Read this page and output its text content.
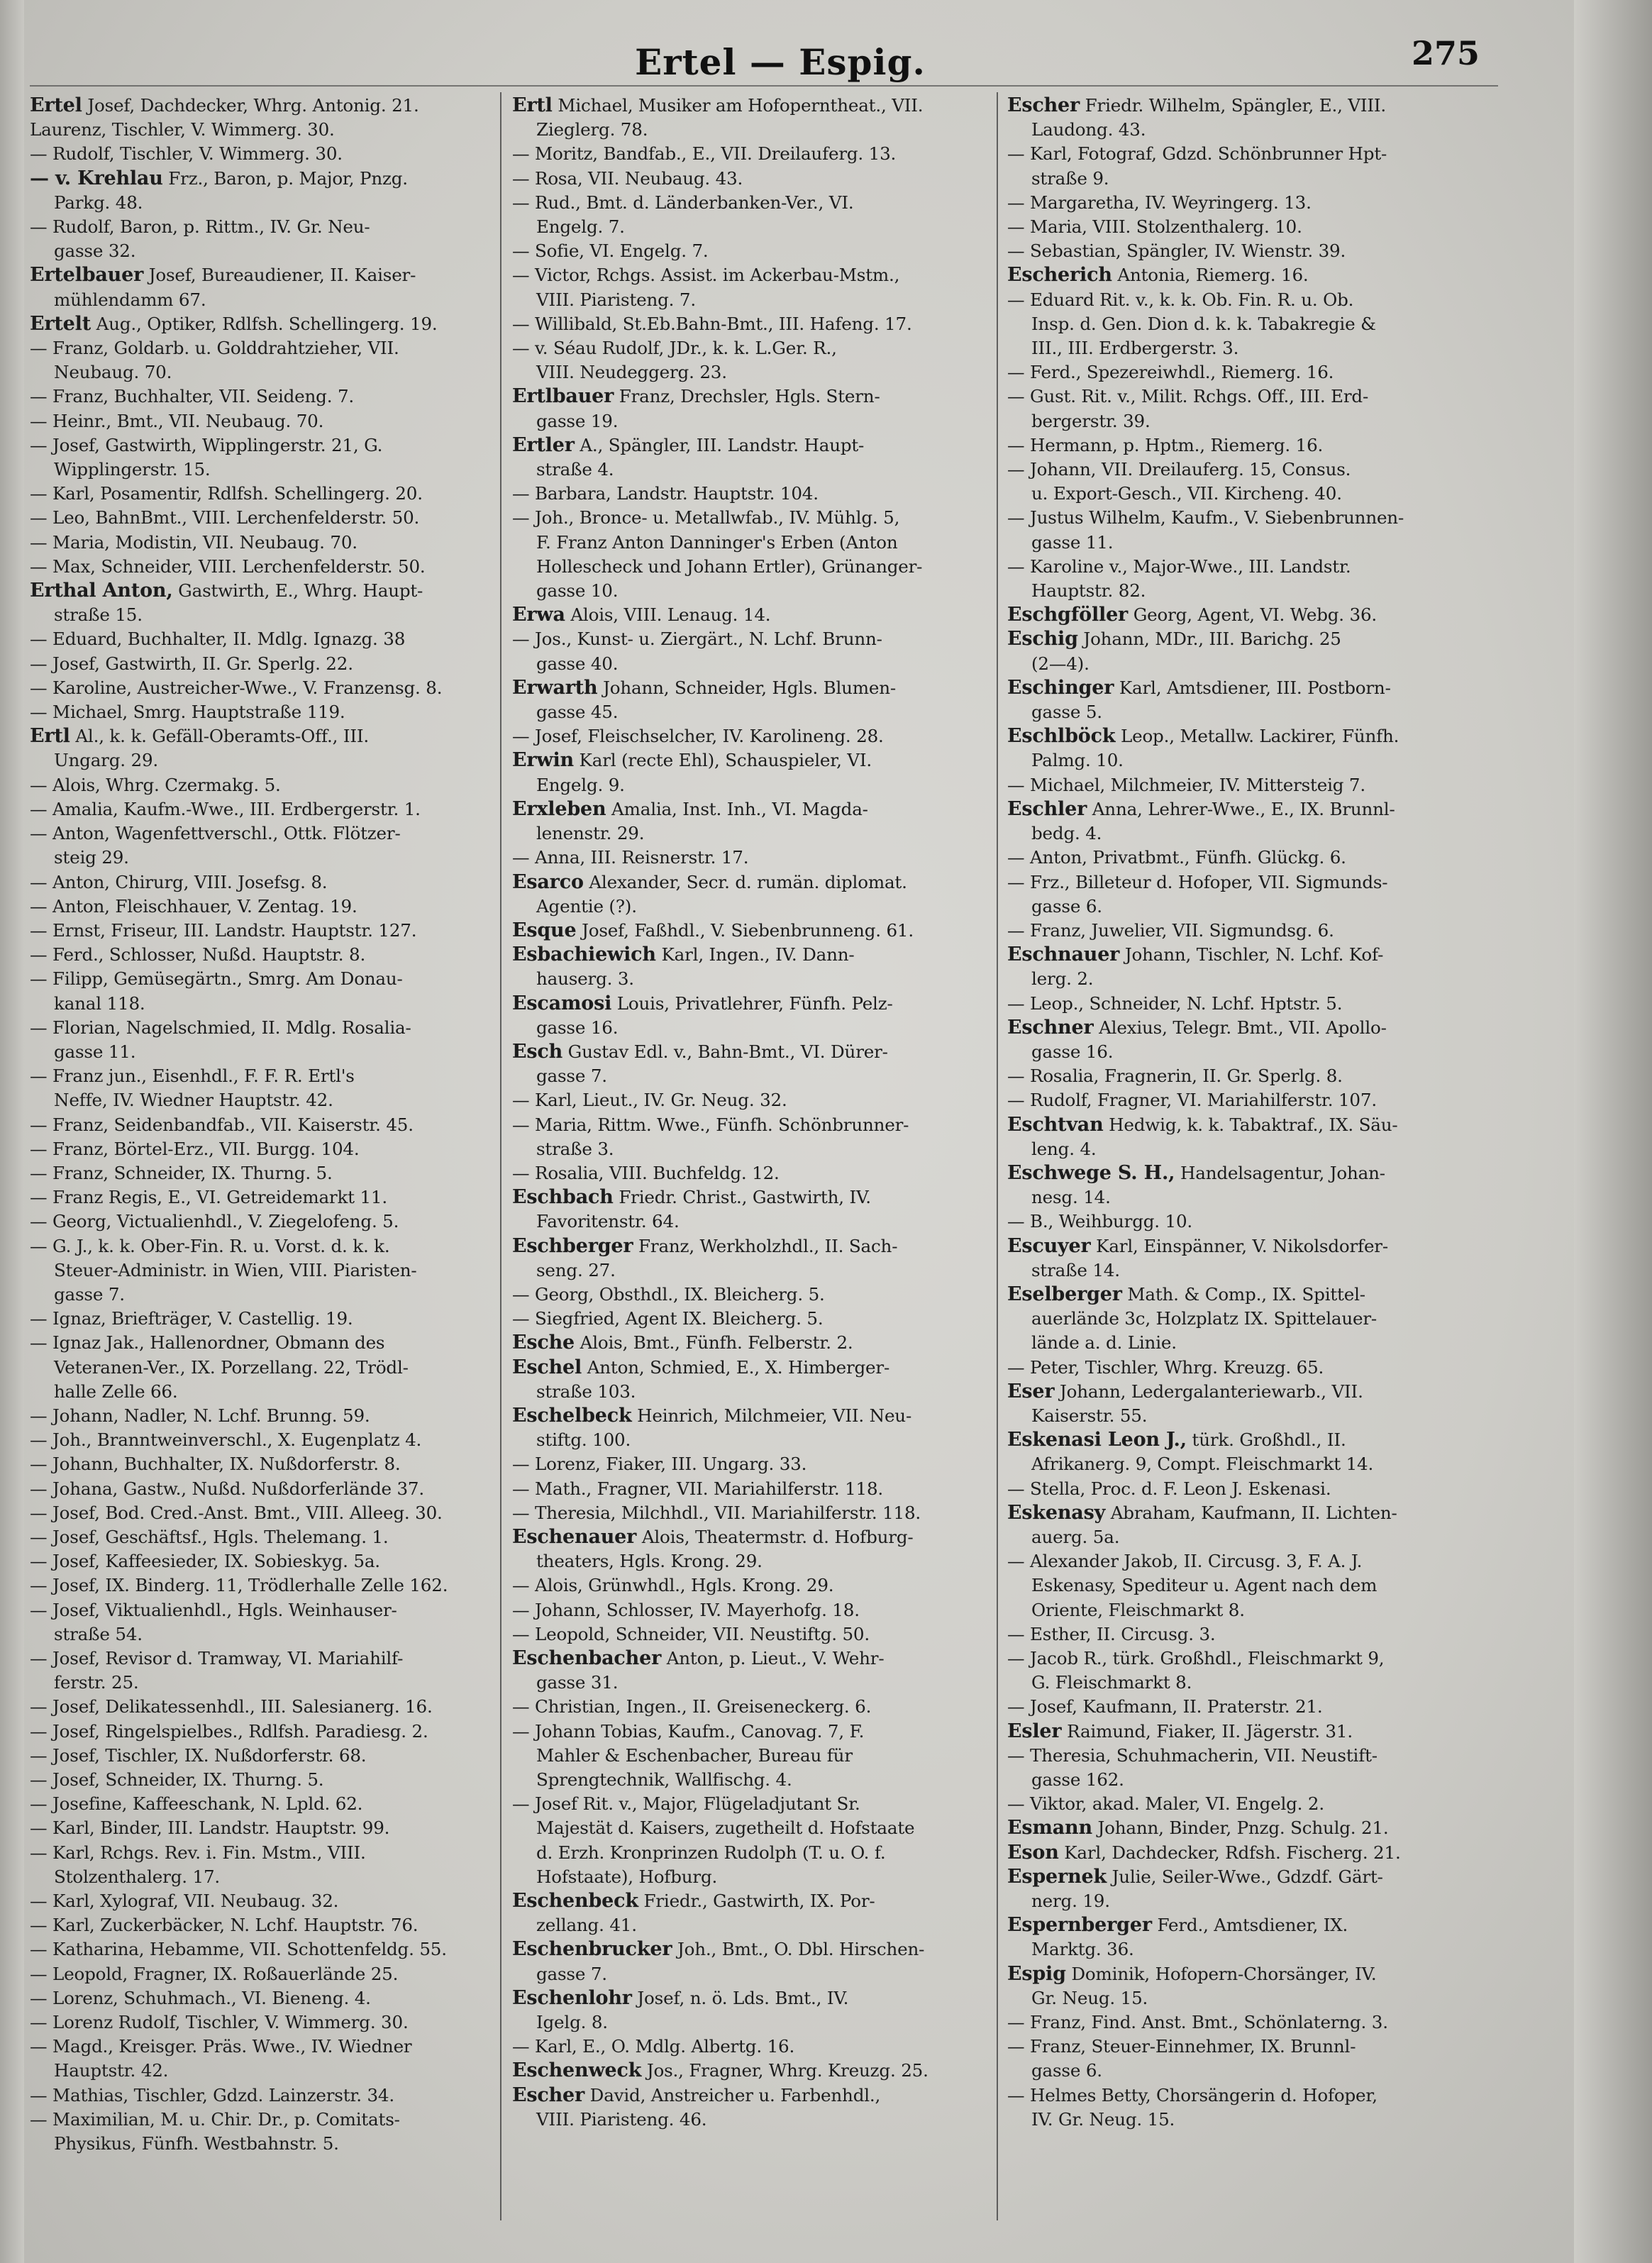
Ertel — Espig.	275
Ertel Josef, Dachdecker, Whrg. Antonig. 21.
Laurenz, Tischler, V. Wimmerg. 30.
— Rudolf, Tischler, V. Wimmerg. 30.
— v. Krehlau Frz., Baron, p. Major, Pnzg.
Parkg. 48.
— Rudolf, Baron, p. Rittm., IV. Gr. Neu-
gasse 32.
Ertelbauer Josef, Bureaudiener, II. Kaiser-
mühlendamm 67.
Ertelt Aug., Optiker, Rdlfsh. Schellingerg. 19.
— Franz, Goldarb. u. Golddrahtzieher, VII.
Neubaug. 70.
— Franz, Buchhalter, VII. Seideng. 7.
— Heinr., Bmt., VII. Neubaug. 70.
— Josef, Gastwirth, Wipplingerstr. 21, G.
Wipplingerstr. 15.
— Karl, Posamentir, Rdlfsh. Schellingerg. 20.
— Leo, BahnBmt., VIII. Lerchenfelderstr. 50.
— Maria, Modistin, VII. Neubaug. 70.
— Max, Schneider, VIII. Lerchenfelderstr. 50.
Erthal Anton, Gastwirth, E., Whrg. Haupt-
straße 15.
— Eduard, Buchhalter, II. Mdlg. Ignazg. 38
— Josef, Gastwirth, II. Gr. Sperlg. 22.
— Karoline, Austreicher-Wwe., V. Franzensg. 8.
— Michael, Smrg. Hauptstraße 119.
Ertl Al., k. k. Gefäll-Oberamts-Off., III.
Ungarg. 29.
— Alois, Whrg. Czermakg. 5.
— Amalia, Kaufm.-Wwe., III. Erdbergerstr. 1.
— Anton, Wagenfettverschl., Ottk. Flötzer-
steig 29.
— Anton, Chirurg, VIII. Josefsg. 8.
— Anton, Fleischhauer, V. Zentag. 19.
— Ernst, Friseur, III. Landstr. Hauptstr. 127.
— Ferd., Schlosser, Nußd. Hauptstr. 8.
— Filipp, Gemüsegärtn., Smrg. Am Donau-
kanal 118.
— Florian, Nagelschmied, II. Mdlg. Rosalia-
gasse 11.
— Franz jun., Eisenhdl., F. F. R. Ertl's
Neffe, IV. Wiedner Hauptstr. 42.
— Franz, Seidenbandfab., VII. Kaiserstr. 45.
— Franz, Börtel-Erz., VII. Burgg. 104.
— Franz, Schneider, IX. Thurng. 5.
— Franz Regis, E., VI. Getreidemarkt 11.
— Georg, Victualienhdl., V. Ziegelofeng. 5.
— G. J., k. k. Ober-Fin. R. u. Vorst. d. k. k.
Steuer-Administr. in Wien, VIII. Piaristen-
gasse 7.
— Ignaz, Briefträger, V. Castellig. 19.
— Ignaz Jak., Hallenordner, Obmann des
Veteranen-Ver., IX. Porzellang. 22, Trödl-
halle Zelle 66.
— Johann, Nadler, N. Lchf. Brunng. 59.
— Joh., Branntweinverschl., X. Eugenplatz 4.
— Johann, Buchhalter, IX. Nußdorferstr. 8.
— Johana, Gastw., Nußd. Nußdorferlände 37.
— Josef, Bod. Cred.-Anst. Bmt., VIII. Alleeg. 30.
— Josef, Geschäftsf., Hgls. Thelemang. 1.
— Josef, Kaffeesieder, IX. Sobieskyg. 5a.
— Josef, IX. Binderg. 11, Trödlerhalle Zelle 162.
— Josef, Viktualienhdl., Hgls. Weinhauser-
straße 54.
— Josef, Revisor d. Tramway, VI. Mariahilf-
ferstr. 25.
— Josef, Delikatessenhdl., III. Salesianerg. 16.
— Josef, Ringelspielbes., Rdlfsh. Paradiesg. 2.
— Josef, Tischler, IX. Nußdorferstr. 68.
— Josef, Schneider, IX. Thurng. 5.
— Josefine, Kaffeeschank, N. Lpld. 62.
— Karl, Binder, III. Landstr. Hauptstr. 99.
— Karl, Rchgs. Rev. i. Fin. Mstm., VIII.
Stolzenthalerg. 17.
— Karl, Xylograf, VII. Neubaug. 32.
— Karl, Zuckerbäcker, N. Lchf. Hauptstr. 76.
— Katharina, Hebamme, VII. Schottenfeldg. 55.
— Leopold, Fragner, IX. Roßauerlände 25.
— Lorenz, Schuhmach., VI. Bieneng. 4.
— Lorenz Rudolf, Tischler, V. Wimmerg. 30.
— Magd., Kreisger. Präs. Wwe., IV. Wiedner
Hauptstr. 42.
— Mathias, Tischler, Gdzd. Lainzerstr. 34.
— Maximilian, M. u. Chir. Dr., p. Comitats-
Physikus, Fünfh. Westbahnstr. 5.
Ertl Michael, Musiker am Hofoperntheat., VII.
Zieglerg. 78.
— Moritz, Bandfab., E., VII. Dreilauferg. 13.
— Rosa, VII. Neubaug. 43.
— Rud., Bmt. d. Länderbanken-Ver., VI.
Engelg. 7.
— Sofie, VI. Engelg. 7.
— Victor, Rchgs. Assist. im Ackerbau-Mstm.,
VIII. Piaristeng. 7.
— Willibald, St.Eb.Bahn-Bmt., III. Hafeng. 17.
— v. Séau Rudolf, JDr., k. k. L.Ger. R.,
VIII. Neudeggerg. 23.
Ertlbauer Franz, Drechsler, Hgls. Stern-
gasse 19.
Ertler A., Spängler, III. Landstr. Haupt-
straße 4.
— Barbara, Landstr. Hauptstr. 104.
— Joh., Bronce- u. Metallwfab., IV. Mühlg. 5,
F. Franz Anton Danninger's Erben (Anton
Hollescheck und Johann Ertler), Grünanger-
gasse 10.
Erwa Alois, VIII. Lenaug. 14.
— Jos., Kunst- u. Ziergärt., N. Lchf. Brunn-
gasse 40.
Erwarth Johann, Schneider, Hgls. Blumen-
gasse 45.
— Josef, Fleischselcher, IV. Karolineng. 28.
Erwin Karl (recte Ehl), Schauspieler, VI.
Engelg. 9.
Erxleben Amalia, Inst. Inh., VI. Magda-
lenenstr. 29.
— Anna, III. Reisnerstr. 17.
Esarco Alexander, Secr. d. rumän. diplomat.
Agentie (?).
Esque Josef, Faßhdl., V. Siebenbrunneng. 61.
Esbachiewich Karl, Ingen., IV. Dann-
hauserg. 3.
Escamosi Louis, Privatlehrer, Fünfh. Pelz-
gasse 16.
Esch Gustav Edl. v., Bahn-Bmt., VI. Dürer-
gasse 7.
— Karl, Lieut., IV. Gr. Neug. 32.
— Maria, Rittm. Wwe., Fünfh. Schönbrunner-
straße 3.
— Rosalia, VIII. Buchfeldg. 12.
Eschbach Friedr. Christ., Gastwirth, IV.
Favoritenstr. 64.
Eschberger Franz, Werkholzhdl., II. Sach-
seng. 27.
— Georg, Obsthdl., IX. Bleicherg. 5.
— Siegfried, Agent IX. Bleicherg. 5.
Esche Alois, Bmt., Fünfh. Felberstr. 2.
Eschel Anton, Schmied, E., X. Himberger-
straße 103.
Eschelbeck Heinrich, Milchmeier, VII. Neu-
stiftg. 100.
— Lorenz, Fiaker, III. Ungarg. 33.
— Math., Fragner, VII. Mariahilferstr. 118.
— Theresia, Milchhdl., VII. Mariahilferstr. 118.
Eschenauer Alois, Theatermstr. d. Hofburg-
theaters, Hgls. Krong. 29.
— Alois, Grünwhdl., Hgls. Krong. 29.
— Johann, Schlosser, IV. Mayerhofg. 18.
— Leopold, Schneider, VII. Neustiftg. 50.
Eschenbacher Anton, p. Lieut., V. Wehr-
gasse 31.
— Christian, Ingen., II. Greiseneckerg. 6.
— Johann Tobias, Kaufm., Canovag. 7, F.
Mahler & Eschenbacher, Bureau für
Sprengtechnik, Wallfischg. 4.
— Josef Rit. v., Major, Flügeladjutant Sr.
Majestät d. Kaisers, zugetheilt d. Hofstaate
d. Erzh. Kronprinzen Rudolph (T. u. O. f.
Hofstaate), Hofburg.
Eschenbeck Friedr., Gastwirth, IX. Por-
zellang. 41.
Eschenbrucker Joh., Bmt., O. Dbl. Hirschen-
gasse 7.
Eschenlohr Josef, n. ö. Lds. Bmt., IV.
Igelg. 8.
— Karl, E., O. Mdlg. Albertg. 16.
Eschenweck Jos., Fragner, Whrg. Kreuzg. 25.
Escher David, Anstreicher u. Farbenhdl.,
VIII. Piaristeng. 46.
Escher Friedr. Wilhelm, Spängler, E., VIII.
Laudong. 43.
— Karl, Fotograf, Gdzd. Schönbrunner Hpt-
straße 9.
— Margaretha, IV. Weyringerg. 13.
— Maria, VIII. Stolzenthalerg. 10.
— Sebastian, Spängler, IV. Wienstr. 39.
Escherich Antonia, Riemerg. 16.
— Eduard Rit. v., k. k. Ob. Fin. R. u. Ob.
Insp. d. Gen. Dion d. k. k. Tabakregie &
III., III. Erdbergerstr. 3.
— Ferd., Spezereiwhdl., Riemerg. 16.
— Gust. Rit. v., Milit. Rchgs. Off., III. Erd-
bergerstr. 39.
— Hermann, p. Hptm., Riemerg. 16.
— Johann, VII. Dreilauferg. 15, Consus.
u. Export-Gesch., VII. Kircheng. 40.
— Justus Wilhelm, Kaufm., V. Siebenbrunnen-
gasse 11.
— Karoline v., Major-Wwe., III. Landstr.
Hauptstr. 82.
Eschgföller Georg, Agent, VI. Webg. 36.
Eschig Johann, MDr., III. Barichg. 25
(2—4).
Eschinger Karl, Amtsdiener, III. Postborn-
gasse 5.
Eschlböck Leop., Metallw. Lackirer, Fünfh.
Palmg. 10.
— Michael, Milchmeier, IV. Mittersteig 7.
Eschler Anna, Lehrer-Wwe., E., IX. Brunnl-
bedg. 4.
— Anton, Privatbmt., Fünfh. Glückg. 6.
— Frz., Billeteur d. Hofoper, VII. Sigmunds-
gasse 6.
— Franz, Juwelier, VII. Sigmundsg. 6.
Eschnauer Johann, Tischler, N. Lchf. Kof-
lerg. 2.
— Leop., Schneider, N. Lchf. Hptstr. 5.
Eschner Alexius, Telegr. Bmt., VII. Apollo-
gasse 16.
— Rosalia, Fragnerin, II. Gr. Sperlg. 8.
— Rudolf, Fragner, VI. Mariahilferstr. 107.
Eschtvan Hedwig, k. k. Tabaktraf., IX. Säu-
leng. 4.
Eschwege S. H., Handelsagentur, Johan-
nesg. 14.
— B., Weihburgg. 10.
Escuyer Karl, Einspänner, V. Nikolsdorfer-
straße 14.
Eselberger Math. & Comp., IX. Spittel-
auerlände 3c, Holzplatz IX. Spittelauer-
lände a. d. Linie.
— Peter, Tischler, Whrg. Kreuzg. 65.
Eser Johann, Ledergalanteriewarb., VII.
Kaiserstr. 55.
Eskenasi Leon J., türk. Großhdl., II.
Afrikanerg. 9, Compt. Fleischmarkt 14.
— Stella, Proc. d. F. Leon J. Eskenasi.
Eskenasy Abraham, Kaufmann, II. Lichten-
auerg. 5a.
— Alexander Jakob, II. Circusg. 3, F. A. J.
Eskenasy, Spediteur u. Agent nach dem
Oriente, Fleischmarkt 8.
— Esther, II. Circusg. 3.
— Jacob R., türk. Großhdl., Fleischmarkt 9,
G. Fleischmarkt 8.
— Josef, Kaufmann, II. Praterstr. 21.
Esler Raimund, Fiaker, II. Jägerstr. 31.
— Theresia, Schuhmacherin, VII. Neustift-
gasse 162.
— Viktor, akad. Maler, VI. Engelg. 2.
Esmann Johann, Binder, Pnzg. Schulg. 21.
Eson Karl, Dachdecker, Rdfsh. Fischerg. 21.
Espernek Julie, Seiler-Wwe., Gdzdf. Gärt-
nerg. 19.
Espernberger Ferd., Amtsdiener, IX.
Marktg. 36.
Espig Dominik, Hofopern-Chorsänger, IV.
Gr. Neug. 15.
— Franz, Find. Anst. Bmt., Schönlaterng. 3.
— Franz, Steuer-Einnehmer, IX. Brunnl-
gasse 6.
— Helmes Betty, Chorsängerin d. Hofoper,
IV. Gr. Neug. 15.
